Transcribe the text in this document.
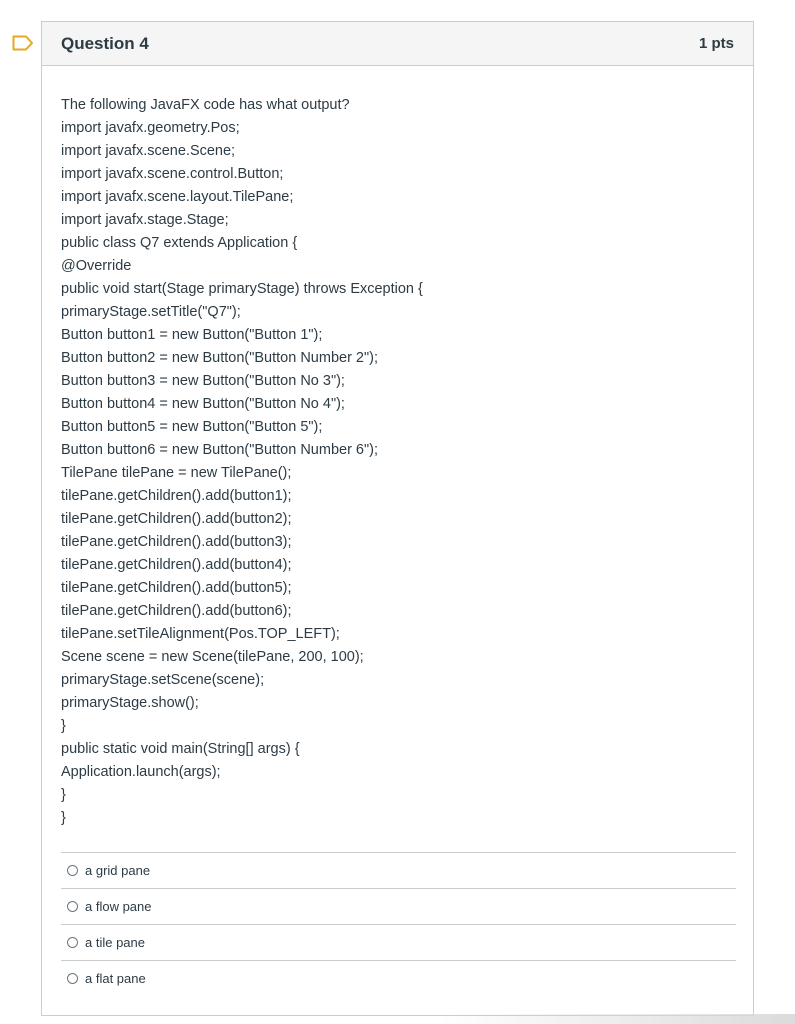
Question 4	1 pts
The following JavaFX code has what output?
import javafx.geometry.Pos;
import javafx.scene.Scene;
import javafx.scene.control.Button;
import javafx.scene.layout.TilePane;
import javafx.stage.Stage;
public class Q7 extends Application {
@Override
public void start(Stage primaryStage) throws Exception {
primaryStage.setTitle("Q7");
Button button1 = new Button("Button 1");
Button button2 = new Button("Button Number 2");
Button button3 = new Button("Button No 3");
Button button4 = new Button("Button No 4");
Button button5 = new Button("Button 5");
Button button6 = new Button("Button Number 6");
TilePane tilePane = new TilePane();
tilePane.getChildren().add(button1);
tilePane.getChildren().add(button2);
tilePane.getChildren().add(button3);
tilePane.getChildren().add(button4);
tilePane.getChildren().add(button5);
tilePane.getChildren().add(button6);
tilePane.setTileAlignment(Pos.TOP_LEFT);
Scene scene = new Scene(tilePane, 200, 100);
primaryStage.setScene(scene);
primaryStage.show();
}
public static void main(String[] args) {
Application.launch(args);
}
}
a grid pane
a flow pane
a tile pane
a flat pane
